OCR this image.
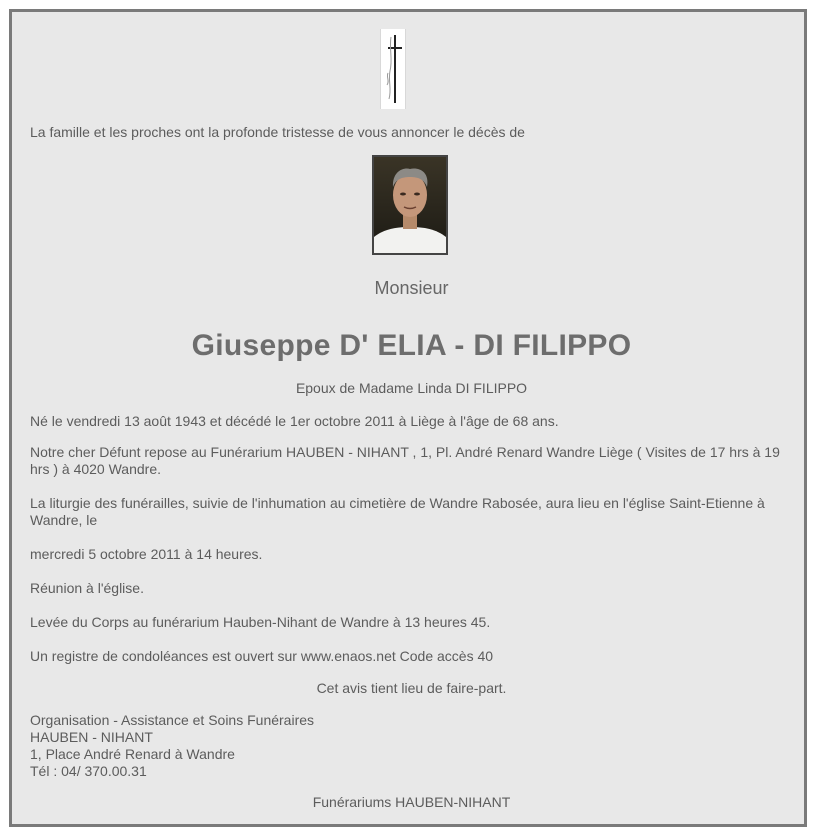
La famille et les proches ont la profonde tristesse de vous annoncer le décès de

Monsieur

Giuseppe D' ELIA - DI FILIPPO

Epoux de Madame Linda DI FILIPPO

Né le vendredi 13 août 1943 et décédé le 1er octobre 2011 à Liège à l'âge de 68 ans.

Notre cher Défunt repose au Funérarium HAUBEN - NIHANT , 1, Pl. André Renard Wandre Liège ( Visites de 17 hrs à 19 hrs ) à 4020 Wandre.

La liturgie des funérailles, suivie de l'inhumation au cimetière de Wandre Rabosée, aura lieu en l'église Saint-Etienne à Wandre, le

mercredi 5 octobre 2011 à 14 heures.

Réunion à l'église.

Levée du Corps au funérarium Hauben-Nihant de Wandre à 13 heures 45.

Un registre de condoléances est ouvert sur www.enaos.net Code accès 40

Cet avis tient lieu de faire-part.

Organisation - Assistance et Soins Funéraires
HAUBEN - NIHANT
1, Place André Renard à Wandre
Tél : 04/ 370.00.31

Funérariums HAUBEN-NIHANT
